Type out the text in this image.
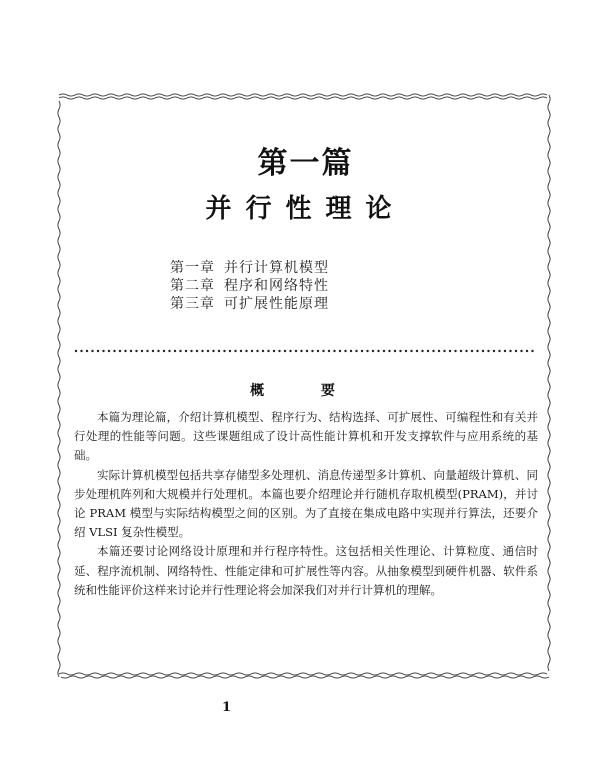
第一篇
并行性理论
第一章 并行计算机模型
第二章 程序和网络特性
第三章 可扩展性能原理
概 要

本篇为理论篇，介绍计算机模型、程序行为、结构选择、可扩展性、可编程性和有关并行处理的性能等问题。这些课题组成了设计高性能计算机和开发支撑软件与应用系统的基础。

实际计算机模型包括共享存储型多处理机、消息传递型多计算机、向量超级计算机、同步处理机阵列和大规模并行处理机。本篇也要介绍理论并行随机存取机模型(PRAM)，并讨论 PRAM 模型与实际结构模型之间的区别。为了直接在集成电路中实现并行算法，还要介绍 VLSI 复杂性模型。

本篇还要讨论网络设计原理和并行程序特性。这包括相关性理论、计算粒度、通信时延、程序流机制、网络特性、性能定律和可扩展性等内容。从抽象模型到硬件机器、软件系统和性能评价这样来讨论并行性理论将会加深我们对并行计算机的理解。

1
